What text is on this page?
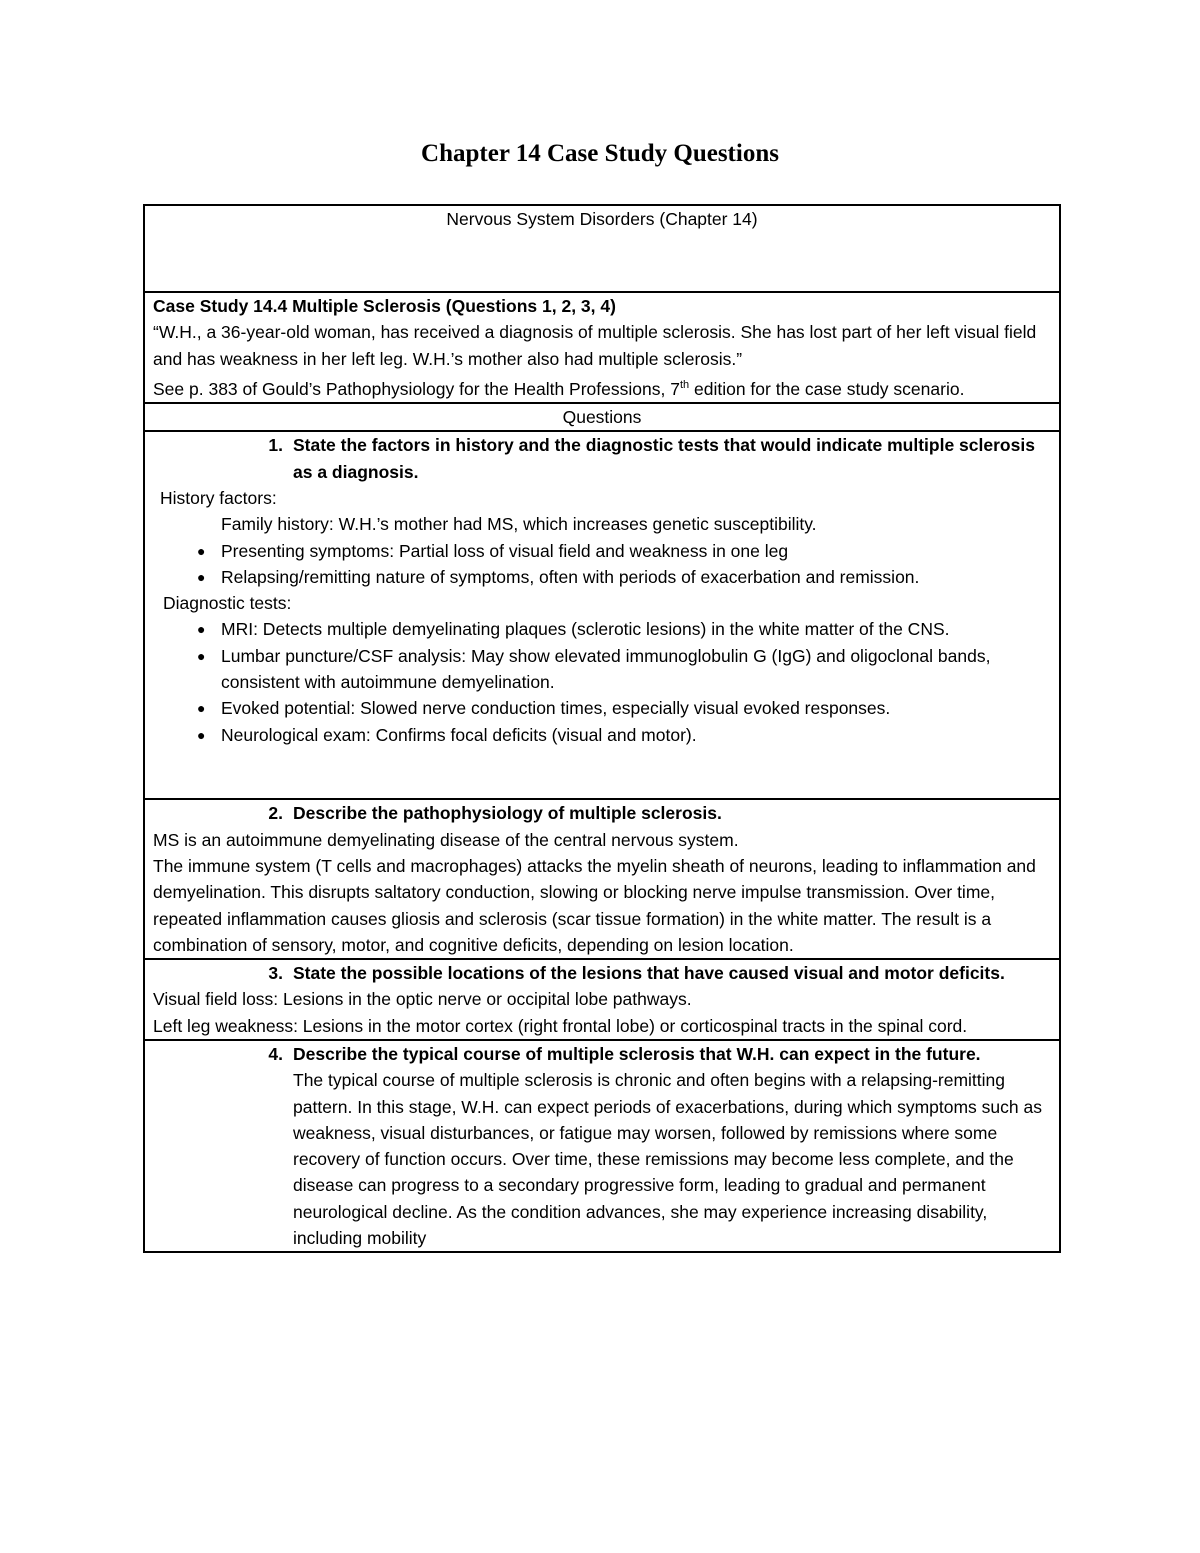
Chapter 14 Case Study Questions
Nervous System Disorders (Chapter 14)

Case Study 14.4 Multiple Sclerosis (Questions 1, 2, 3, 4)
“W.H., a 36-year-old woman, has received a diagnosis of multiple sclerosis. She has lost part of her left visual field and has weakness in her left leg. W.H.’s mother also had multiple sclerosis.”
See p. 383 of Gould’s Pathophysiology for the Health Professions, 7th edition for the case study scenario.

Questions

1. State the factors in history and the diagnostic tests that would indicate multiple sclerosis as a diagnosis.
History factors:
Family history: W.H.’s mother had MS, which increases genetic susceptibility.
● Presenting symptoms: Partial loss of visual field and weakness in one leg
● Relapsing/remitting nature of symptoms, often with periods of exacerbation and remission.
Diagnostic tests:
● MRI: Detects multiple demyelinating plaques (sclerotic lesions) in the white matter of the CNS.
● Lumbar puncture/CSF analysis: May show elevated immunoglobulin G (IgG) and oligoclonal bands, consistent with autoimmune demyelination.
● Evoked potential: Slowed nerve conduction times, especially visual evoked responses.
● Neurological exam: Confirms focal deficits (visual and motor).

2. Describe the pathophysiology of multiple sclerosis.
MS is an autoimmune demyelinating disease of the central nervous system.
The immune system (T cells and macrophages) attacks the myelin sheath of neurons, leading to inflammation and demyelination. This disrupts saltatory conduction, slowing or blocking nerve impulse transmission. Over time, repeated inflammation causes gliosis and sclerosis (scar tissue formation) in the white matter. The result is a combination of sensory, motor, and cognitive deficits, depending on lesion location.

3. State the possible locations of the lesions that have caused visual and motor deficits.
Visual field loss: Lesions in the optic nerve or occipital lobe pathways.
Left leg weakness: Lesions in the motor cortex (right frontal lobe) or corticospinal tracts in the spinal cord.

4. Describe the typical course of multiple sclerosis that W.H. can expect in the future.
The typical course of multiple sclerosis is chronic and often begins with a relapsing-remitting pattern. In this stage, W.H. can expect periods of exacerbations, during which symptoms such as weakness, visual disturbances, or fatigue may worsen, followed by remissions where some recovery of function occurs. Over time, these remissions may become less complete, and the disease can progress to a secondary progressive form, leading to gradual and permanent neurological decline. As the condition advances, she may experience increasing disability, including mobility
